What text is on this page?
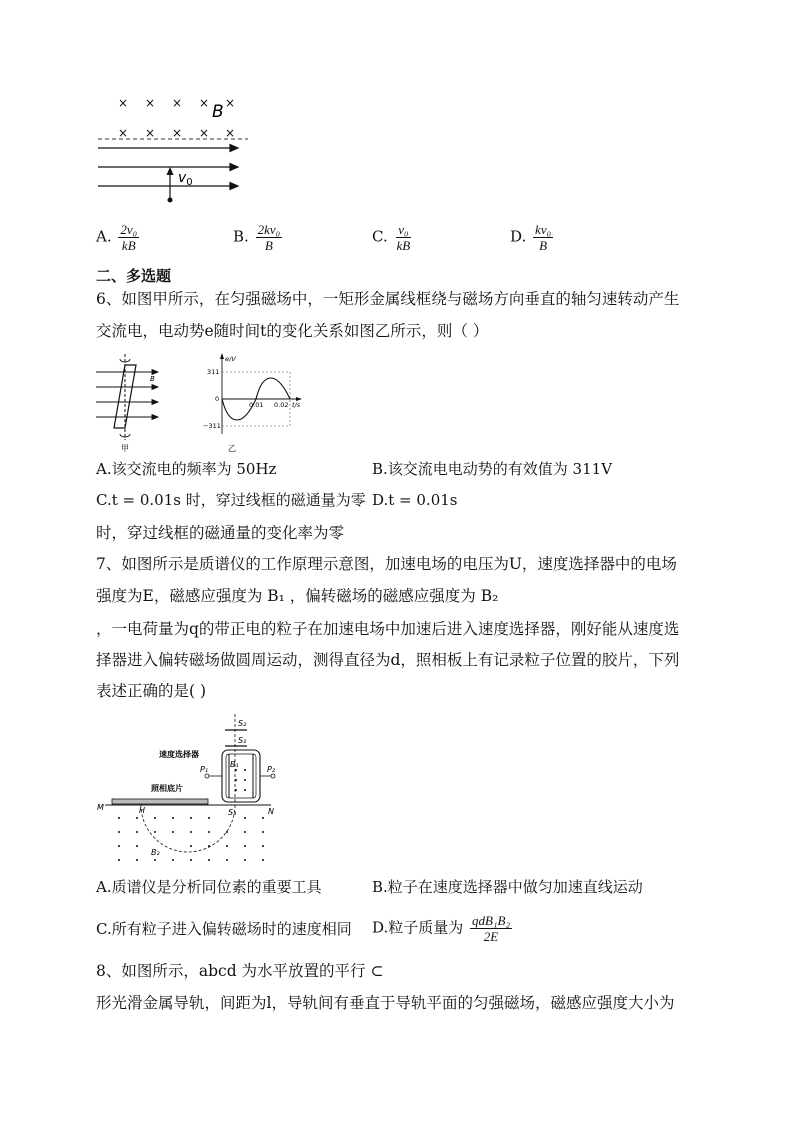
× × × × ×
× × × × ×
B
$v_0$
A. $\frac{\text{2v₀}}{kB}$	B. $\frac{\text{2kv₀}}{B}$	C. $\frac{\text{v₀}}{kB}$	D. $\frac{\text{kv₀}}{B}$
二、多选题
6、如图甲所示，在匀强磁场中，一矩形金属线框绕与磁场方向垂直的轴匀速转动产生
交流电，电动势e随时间t的变化关系如图乙所示，则（ ）
B
甲
e/V
311
0
−311
0.01 0.02 t/s
乙
A.该交流电的频率为 50Hz	B.该交流电电动势的有效值为 311V
C.t = 0.01s 时，穿过线框的磁通量为零 D.t = 0.01s
时，穿过线框的磁通量的变化率为零
7、如图所示是质谱仪的工作原理示意图，加速电场的电压为U，速度选择器中的电场
强度为E，磁感应强度为 B₁ ，偏转磁场的磁感应强度为 B₂
，一电荷量为q的带正电的粒子在加速电场中加速后进入速度选择器，刚好能从速度选
择器进入偏转磁场做圆周运动，测得直径为d，照相板上有记录粒子位置的胶片，下列
表述正确的是( )
S₂
S₂
B₁
速度选择器
P₁	P₂
照相底片
M	N
S₃
H
B₂
A.质谱仪是分析同位素的重要工具	B.粒子在速度选择器中做匀加速直线运动
C.所有粒子进入偏转磁场时的速度相同 D.粒子质量为 $\frac{\text{qdB₁B₂}}{2E}$
8、如图所示，abcd 为水平放置的平行 ⊂
形光滑金属导轨，间距为l，导轨间有垂直于导轨平面的匀强磁场，磁感应强度大小为
